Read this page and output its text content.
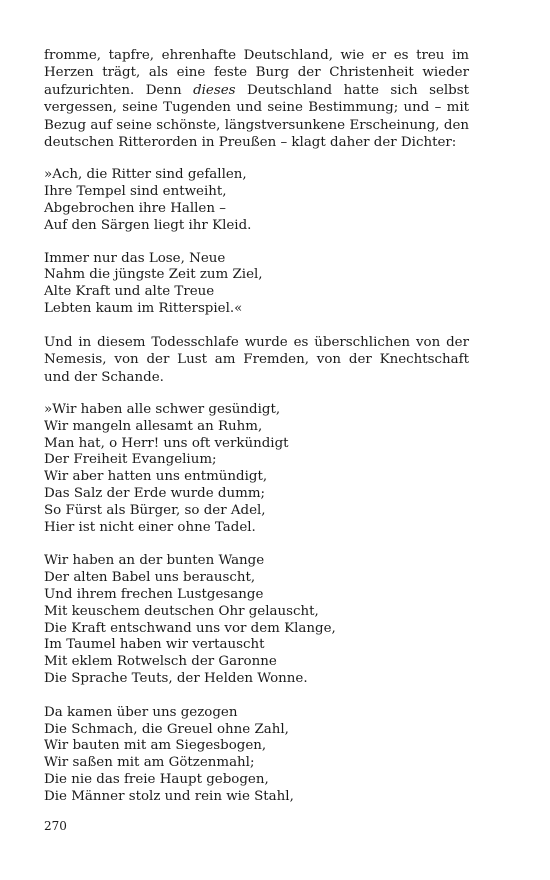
fromme, tapfre, ehrenhafte Deutschland, wie er es treu im Herzen trägt, als eine feste Burg der Christenheit wieder aufzurichten. Denn dieses Deutschland hatte sich selbst vergessen, seine Tugenden und seine Bestimmung; und – mit Bezug auf seine schönste, längstversunkene Erscheinung, den deutschen Ritterorden in Preußen – klagt daher der Dichter:

»Ach, die Ritter sind gefallen,
Ihre Tempel sind entweiht,
Abgebrochen ihre Hallen –
Auf den Särgen liegt ihr Kleid.
Immer nur das Lose, Neue
Nahm die jüngste Zeit zum Ziel,
Alte Kraft und alte Treue
Lebten kaum im Ritterspiel.«

Und in diesem Todesschlafe wurde es überschlichen von der Nemesis, von der Lust am Fremden, von der Knechtschaft und der Schande.

»Wir haben alle schwer gesündigt,
Wir mangeln allesamt an Ruhm,
Man hat, o Herr! uns oft verkündigt
Der Freiheit Evangelium;
Wir aber hatten uns entmündigt,
Das Salz der Erde wurde dumm;
So Fürst als Bürger, so der Adel,
Hier ist nicht einer ohne Tadel.
Wir haben an der bunten Wange
Der alten Babel uns berauscht,
Und ihrem frechen Lustgesange
Mit keuschem deutschen Ohr gelauscht,
Die Kraft entschwand uns vor dem Klange,
Im Taumel haben wir vertauscht
Mit eklem Rotwelsch der Garonne
Die Sprache Teuts, der Helden Wonne.
Da kamen über uns gezogen
Die Schmach, die Greuel ohne Zahl,
Wir bauten mit am Siegesbogen,
Wir saßen mit am Götzenmahl;
Die nie das freie Haupt gebogen,
Die Männer stolz und rein wie Stahl,
270
